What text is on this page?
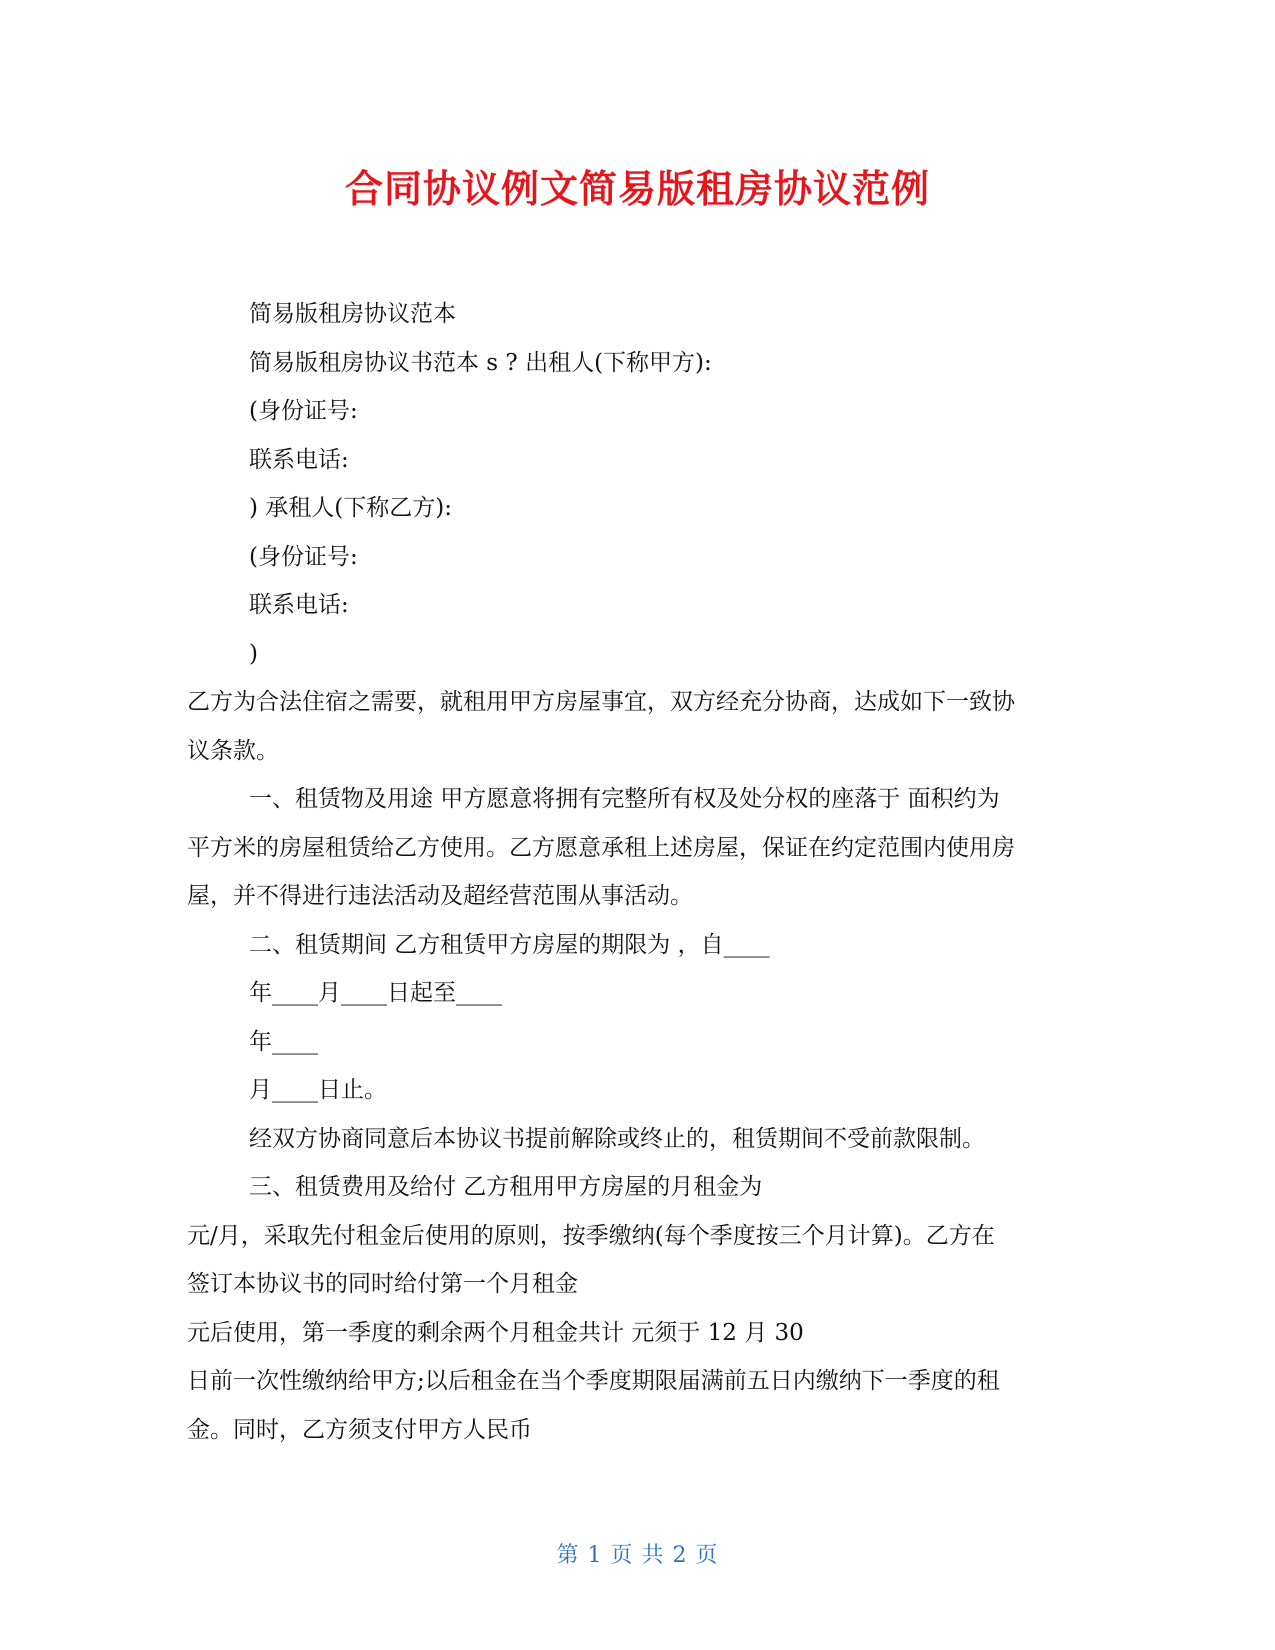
合同协议例文简易版租房协议范例
简易版租房协议范本
简易版租房协议书范本 s ? 出租人(下称甲方):
(身份证号:
联系电话:
) 承租人(下称乙方):
(身份证号:
联系电话:
)
乙方为合法住宿之需要，就租用甲方房屋事宜，双方经充分协商，达成如下一致协
议条款。
一、租赁物及用途 甲方愿意将拥有完整所有权及处分权的座落于 面积约为
平方米的房屋租赁给乙方使用。乙方愿意承租上述房屋，保证在约定范围内使用房
屋，并不得进行违法活动及超经营范围从事活动。
二、租赁期间 乙方租赁甲方房屋的期限为 ，自____
年____月____日起至____
年____
月____日止。
经双方协商同意后本协议书提前解除或终止的，租赁期间不受前款限制。
三、租赁费用及给付 乙方租用甲方房屋的月租金为
元/月，采取先付租金后使用的原则，按季缴纳(每个季度按三个月计算)。乙方在
签订本协议书的同时给付第一个月租金
元后使用，第一季度的剩余两个月租金共计 元须于 12 月 30
日前一次性缴纳给甲方;以后租金在当个季度期限届满前五日内缴纳下一季度的租
金。同时，乙方须支付甲方人民币
第 1 页 共 2 页
